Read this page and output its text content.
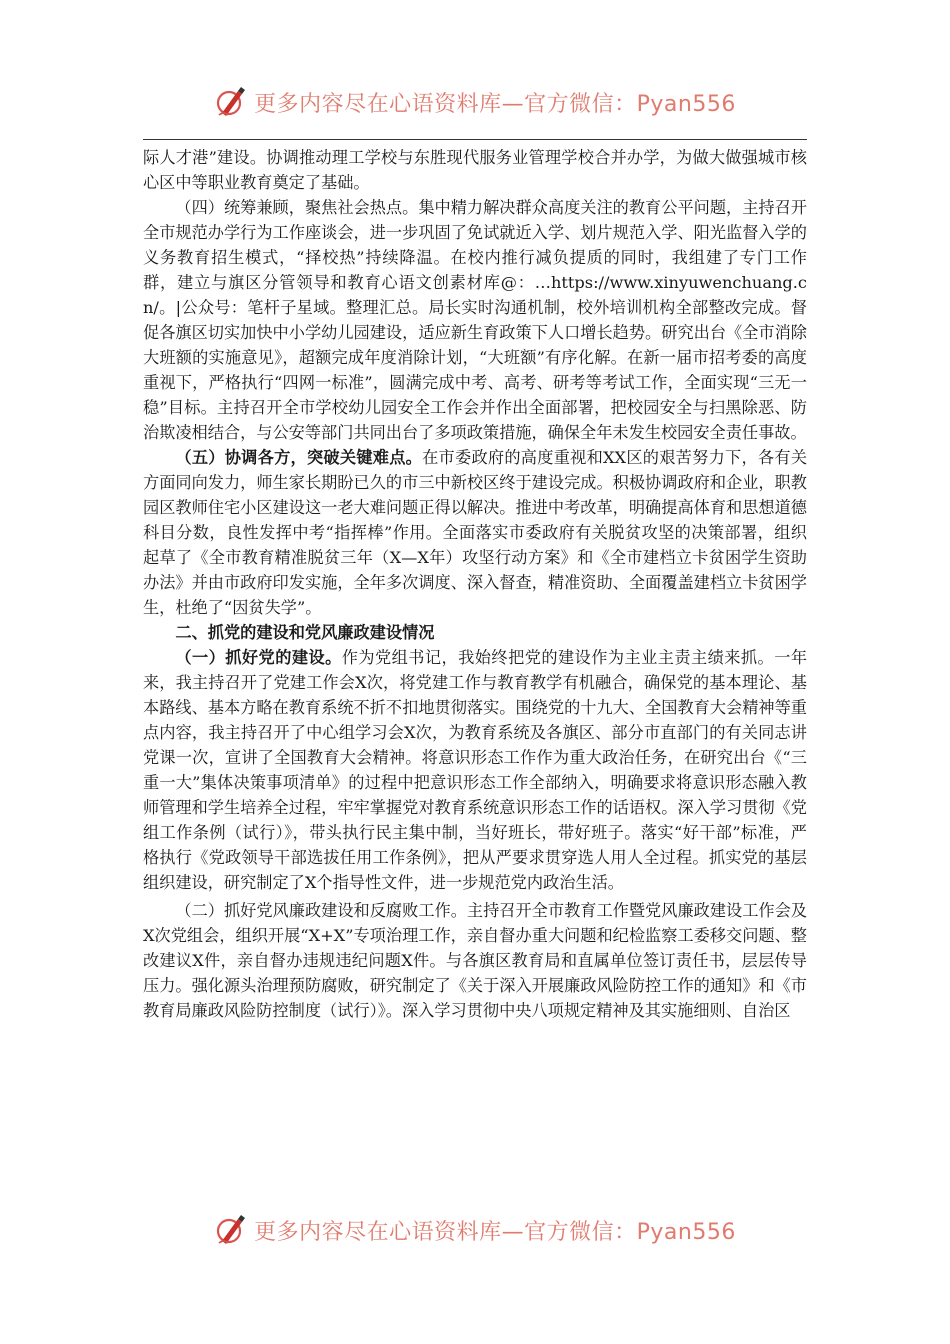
更多内容尽在心语资料库—官方微信：Pyan556

际人才港”建设。协调推动理工学校与东胜现代服务业管理学校合并办学，为做大做强城市核心区中等职业教育奠定了基础。

（四）统筹兼顾，聚焦社会热点。集中精力解决群众高度关注的教育公平问题，主持召开全市规范办学行为工作座谈会，进一步巩固了免试就近入学、划片规范入学、阳光监督入学的义务教育招生模式，“择校热”持续降温。在校内推行减负提质的同时，我组建了专门工作群，建立与旗区分管领导和教育心语文创素材库@：…https://www.xinyuwenchuang.cn/。|公众号：笔杆子星域。整理汇总。局长实时沟通机制，校外培训机构全部整改完成。督促各旗区切实加快中小学幼儿园建设，适应新生育政策下人口增长趋势。研究出台《全市消除大班额的实施意见》，超额完成年度消除计划，“大班额”有序化解。在新一届市招考委的高度重视下，严格执行“四网一标准”，圆满完成中考、高考、研考等考试工作，全面实现“三无一稳”目标。主持召开全市学校幼儿园安全工作会并作出全面部署，把校园安全与扫黑除恶、防治欺凌相结合，与公安等部门共同出台了多项政策措施，确保全年未发生校园安全责任事故。

（五）协调各方，突破关键难点。在市委政府的高度重视和XX区的艰苦努力下，各有关方面同向发力，师生家长期盼已久的市三中新校区终于建设完成。积极协调政府和企业，职教园区教师住宅小区建设这一老大难问题正得以解决。推进中考改革，明确提高体育和思想道德科目分数，良性发挥中考“指挥棒”作用。全面落实市委政府有关脱贫攻坚的决策部署，组织起草了《全市教育精准脱贫三年（X—X年）攻坚行动方案》和《全市建档立卡贫困学生资助办法》并由市政府印发实施，全年多次调度、深入督查，精准资助、全面覆盖建档立卡贫困学生，杜绝了“因贫失学”。

二、抓党的建设和党风廉政建设情况

（一）抓好党的建设。作为党组书记，我始终把党的建设作为主业主责主绩来抓。一年来，我主持召开了党建工作会X次，将党建工作与教育教学有机融合，确保党的基本理论、基本路线、基本方略在教育系统不折不扣地贯彻落实。围绕党的十九大、全国教育大会精神等重点内容，我主持召开了中心组学习会X次，为教育系统及各旗区、部分市直部门的有关同志讲党课一次，宣讲了全国教育大会精神。将意识形态工作作为重大政治任务，在研究出台《“三重一大”集体决策事项清单》的过程中把意识形态工作全部纳入，明确要求将意识形态融入教师管理和学生培养全过程，牢牢掌握党对教育系统意识形态工作的话语权。深入学习贯彻《党组工作条例（试行）》，带头执行民主集中制，当好班长，带好班子。落实“好干部”标准，严格执行《党政领导干部选拔任用工作条例》，把从严要求贯穿选人用人全过程。抓实党的基层组织建设，研究制定了X个指导性文件，进一步规范党内政治生活。

（二）抓好党风廉政建设和反腐败工作。主持召开全市教育工作暨党风廉政建设工作会及X次党组会，组织开展“X+X”专项治理工作，亲自督办重大问题和纪检监察工委移交问题、整改建议X件，亲自督办违规违纪问题X件。与各旗区教育局和直属单位签订责任书，层层传导压力。强化源头治理预防腐败，研究制定了《关于深入开展廉政风险防控工作的通知》和《市教育局廉政风险防控制度（试行）》。深入学习贯彻中央八项规定精神及其实施细则、自治区

更多内容尽在心语资料库—官方微信：Pyan556
